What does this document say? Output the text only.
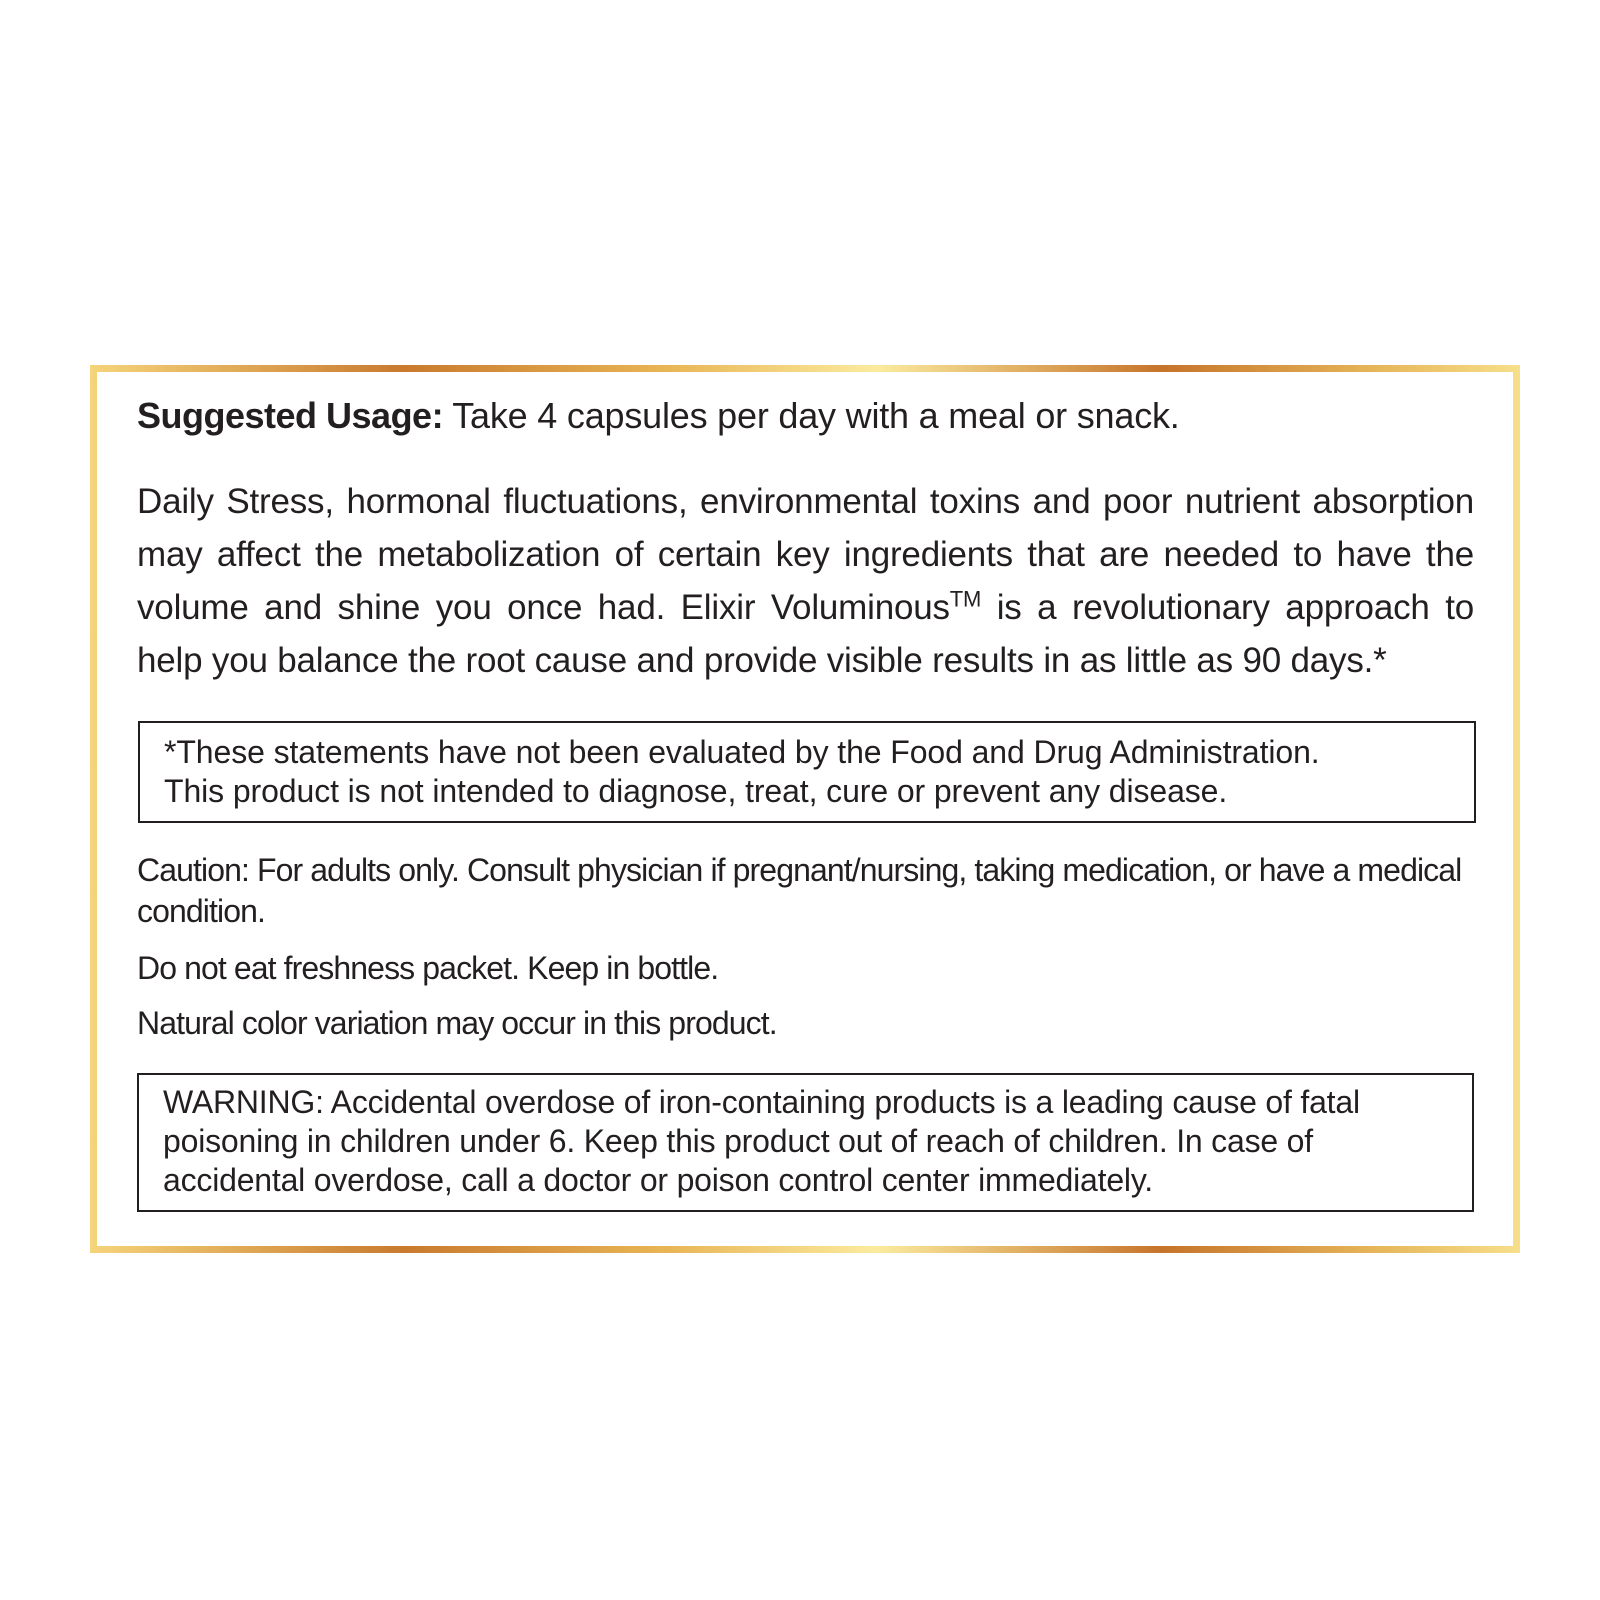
Suggested Usage: Take 4 capsules per day with a meal or snack.

Daily Stress, hormonal fluctuations, environmental toxins and poor nutrient absorption may affect the metabolization of certain key ingredients that are needed to have the volume and shine you once had. Elixir Voluminous™ is a revolutionary approach to help you balance the root cause and provide visible results in as little as 90 days.*

*These statements have not been evaluated by the Food and Drug Administration.
This product is not intended to diagnose, treat, cure or prevent any disease.

Caution: For adults only. Consult physician if pregnant/nursing, taking medication, or have a medical condition.

Do not eat freshness packet. Keep in bottle.

Natural color variation may occur in this product.

WARNING: Accidental overdose of iron-containing products is a leading cause of fatal poisoning in children under 6. Keep this product out of reach of children. In case of accidental overdose, call a doctor or poison control center immediately.
